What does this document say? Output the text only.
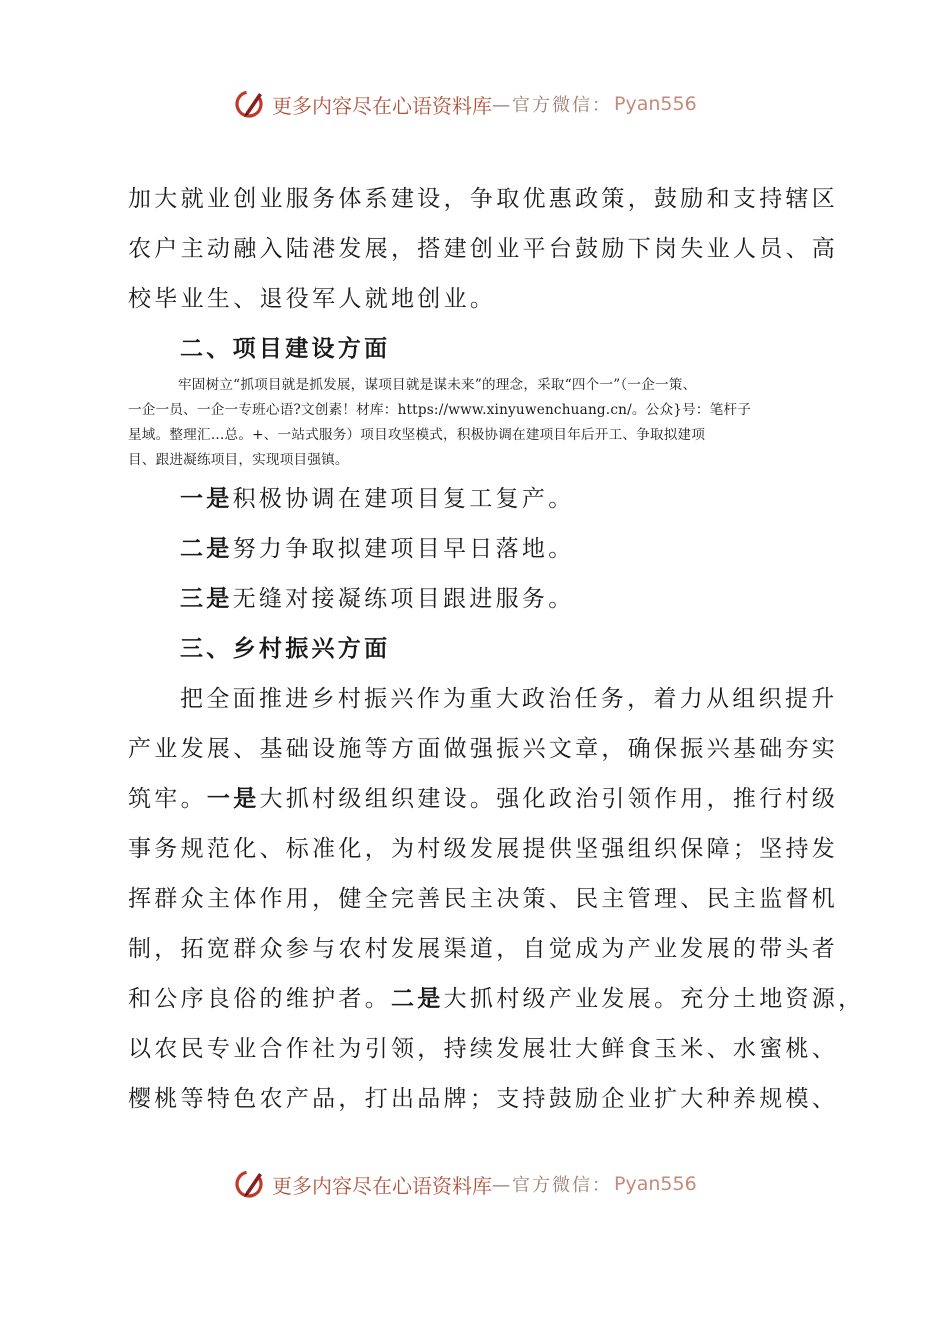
更多内容尽在心语资料库 —官方微信： Pyan556
加大就业创业服务体系建设，争取优惠政策，鼓励和支持辖区
农户主动融入陆港发展，搭建创业平台鼓励下岗失业人员、高
校毕业生、退役军人就地创业。
二、项目建设方面
牢固树立“抓项目就是抓发展，谋项目就是谋未来”的理念，采取“四个一”（一企一策、
一企一员、一企一专班心语?文创素！材库：https://www.xinyuwenchuang.cn/。公众}号：笔杆子
星域。整理汇…总。+、一站式服务）项目攻坚模式，积极协调在建项目年后开工、争取拟建项
目、跟进凝练项目，实现项目强镇。
一是积极协调在建项目复工复产。
二是努力争取拟建项目早日落地。
三是无缝对接凝练项目跟进服务。
三、乡村振兴方面
把全面推进乡村振兴作为重大政治任务，着力从组织提升
产业发展、基础设施等方面做强振兴文章，确保振兴基础夯实
筑牢。一是大抓村级组织建设。强化政治引领作用，推行村级
事务规范化、标准化，为村级发展提供坚强组织保障；坚持发
挥群众主体作用，健全完善民主决策、民主管理、民主监督机
制，拓宽群众参与农村发展渠道，自觉成为产业发展的带头者
和公序良俗的维护者。二是大抓村级产业发展。充分土地资源，
以农民专业合作社为引领，持续发展壮大鲜食玉米、水蜜桃、
樱桃等特色农产品，打出品牌；支持鼓励企业扩大种养规模、
更多内容尽在心语资料库 —官方微信： Pyan556
